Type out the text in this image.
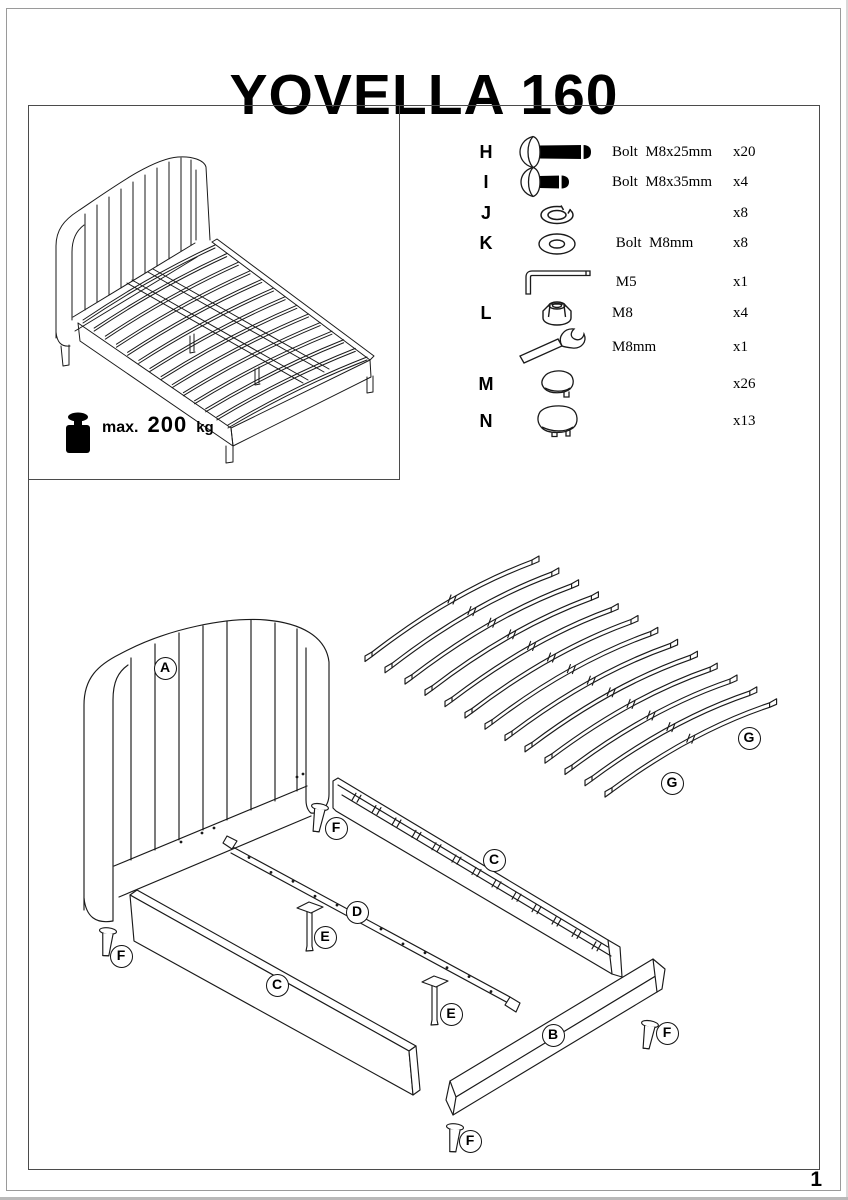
YOVELLA 160
H	Bolt  M8x25mm x20
I	Bolt  M8x35mm x4
J	x8
K	Bolt  M8mm	x8
M5	x1
L	M8	x4
M8mm	x1
M	x26
N	x13
A
G
G
F
F
F
F
C
C
D
E
E
B
max. 200 kg
1
